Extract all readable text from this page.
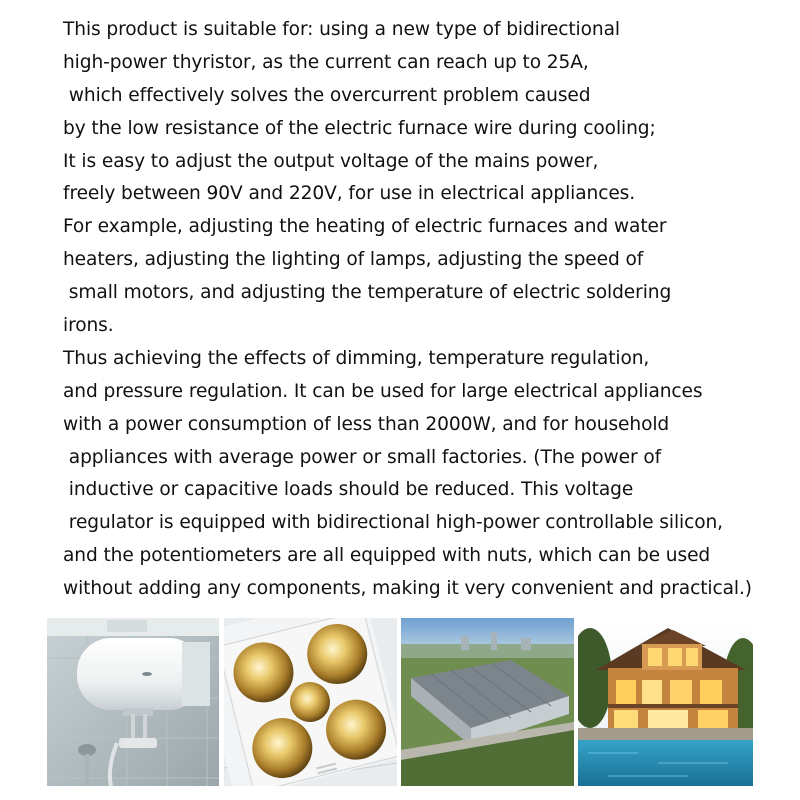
This product is suitable for: using a new type of bidirectional
high-power thyristor, as the current can reach up to 25A,
which effectively solves the overcurrent problem caused
by the low resistance of the electric furnace wire during cooling;
It is easy to adjust the output voltage of the mains power,
freely between 90V and 220V, for use in electrical appliances.
For example, adjusting the heating of electric furnaces and water
heaters, adjusting the lighting of lamps, adjusting the speed of
small motors, and adjusting the temperature of electric soldering
irons.
Thus achieving the effects of dimming, temperature regulation,
and pressure regulation. It can be used for large electrical appliances
with a power consumption of less than 2000W, and for household
appliances with average power or small factories. (The power of
inductive or capacitive loads should be reduced. This voltage
regulator is equipped with bidirectional high-power controllable silicon,
and the potentiometers are all equipped with nuts, which can be used
without adding any components, making it very convenient and practical.)
